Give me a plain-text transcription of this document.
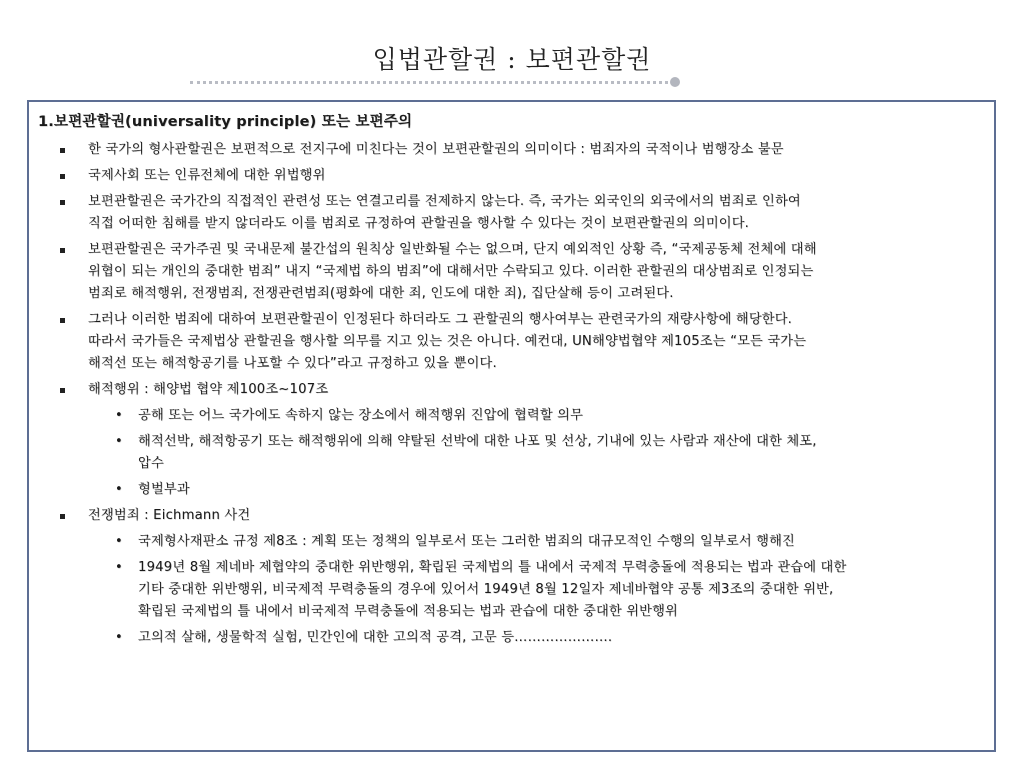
입법관할권 : 보편관할권
1.보편관할권(universality principle) 또는 보편주의
한 국가의 형사관할권은 보편적으로 전지구에 미친다는 것이 보편관할권의 의미이다 : 범죄자의 국적이나 범행장소 불문
국제사회 또는 인류전체에 대한 위법행위
보편관할권은 국가간의 직접적인 관련성 또는 연결고리를 전제하지 않는다. 즉, 국가는 외국인의 외국에서의 범죄로 인하여
직접 어떠한 침해를 받지 않더라도 이를 범죄로 규정하여 관할권을 행사할 수 있다는 것이 보편관할권의 의미이다.
보편관할권은 국가주권 및 국내문제 불간섭의 원칙상 일반화될 수는 없으며, 단지 예외적인 상황 즉, “국제공동체 전체에 대해
위협이 되는 개인의 중대한 범죄” 내지 “국제법 하의 범죄”에 대해서만 수락되고 있다. 이러한 관할권의 대상범죄로 인정되는
범죄로 해적행위, 전쟁범죄, 전쟁관련범죄(평화에 대한 죄, 인도에 대한 죄), 집단살해 등이 고려된다.
그러나 이러한 범죄에 대하여 보편관할권이 인정된다 하더라도 그 관할권의 행사여부는 관련국가의 재량사항에 해당한다.
따라서 국가들은 국제법상 관할권을 행사할 의무를 지고 있는 것은 아니다. 예컨대, UN해양법협약 제105조는 “모든 국가는
해적선 또는 해적항공기를 나포할 수 있다”라고 규정하고 있을 뿐이다.
해적행위 : 해양법 협약 제100조~107조
• 공해 또는 어느 국가에도 속하지 않는 장소에서 해적행위 진압에 협력할 의무
• 해적선박, 해적항공기 또는 해적행위에 의해 약탈된 선박에 대한 나포 및 선상, 기내에 있는 사람과 재산에 대한 체포,
압수
• 형벌부과
전쟁범죄 : Eichmann 사건
• 국제형사재판소 규정 제8조 : 계획 또는 정책의 일부로서 또는 그러한 범죄의 대규모적인 수행의 일부로서 행해진
• 1949년 8월 제네바 제협약의 중대한 위반행위, 확립된 국제법의 틀 내에서 국제적 무력충돌에 적용되는 법과 관습에 대한
기타 중대한 위반행위, 비국제적 무력충돌의 경우에 있어서 1949년 8월 12일자 제네바협약 공통 제3조의 중대한 위반,
확립된 국제법의 틀 내에서 비국제적 무력충돌에 적용되는 법과 관습에 대한 중대한 위반행위
• 고의적 살해, 생물학적 실험, 민간인에 대한 고의적 공격, 고문 등………………….
